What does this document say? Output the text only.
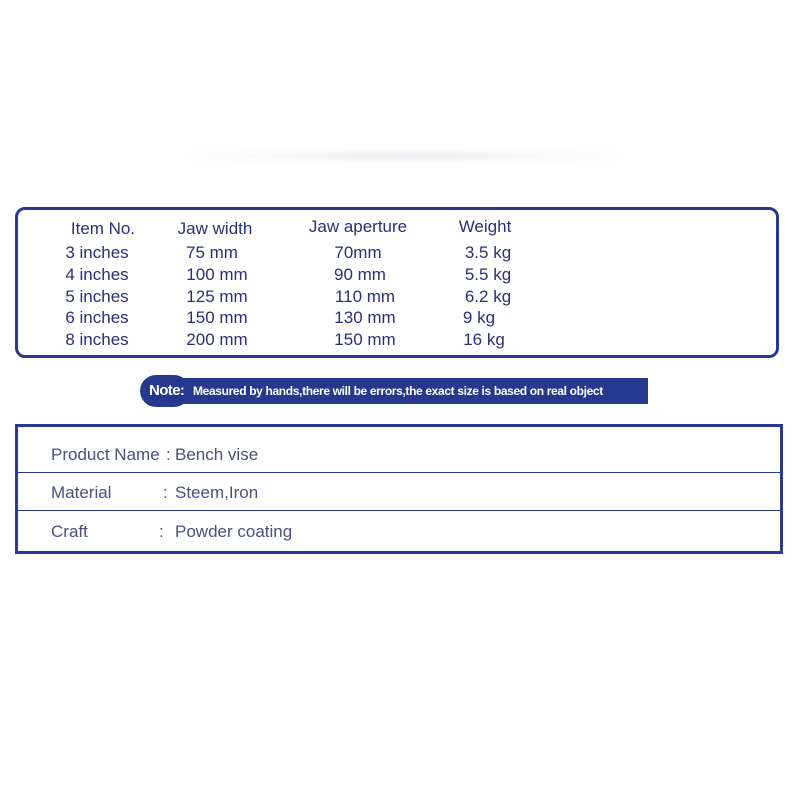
Item No.	Jaw width	Jaw aperture	Weight
3 inches	75 mm	70mm	3.5 kg
4 inches	100 mm	90 mm	5.5 kg
5 inches	125 mm	110 mm	6.2 kg
6 inches	150 mm	130 mm	9 kg
8 inches	200 mm	150 mm	16 kg
Note: Measured by hands,there will be errors,the exact size is based on real object
Product Name : Bench vise
Material	: Steem,Iron
Craft	: Powder coating
